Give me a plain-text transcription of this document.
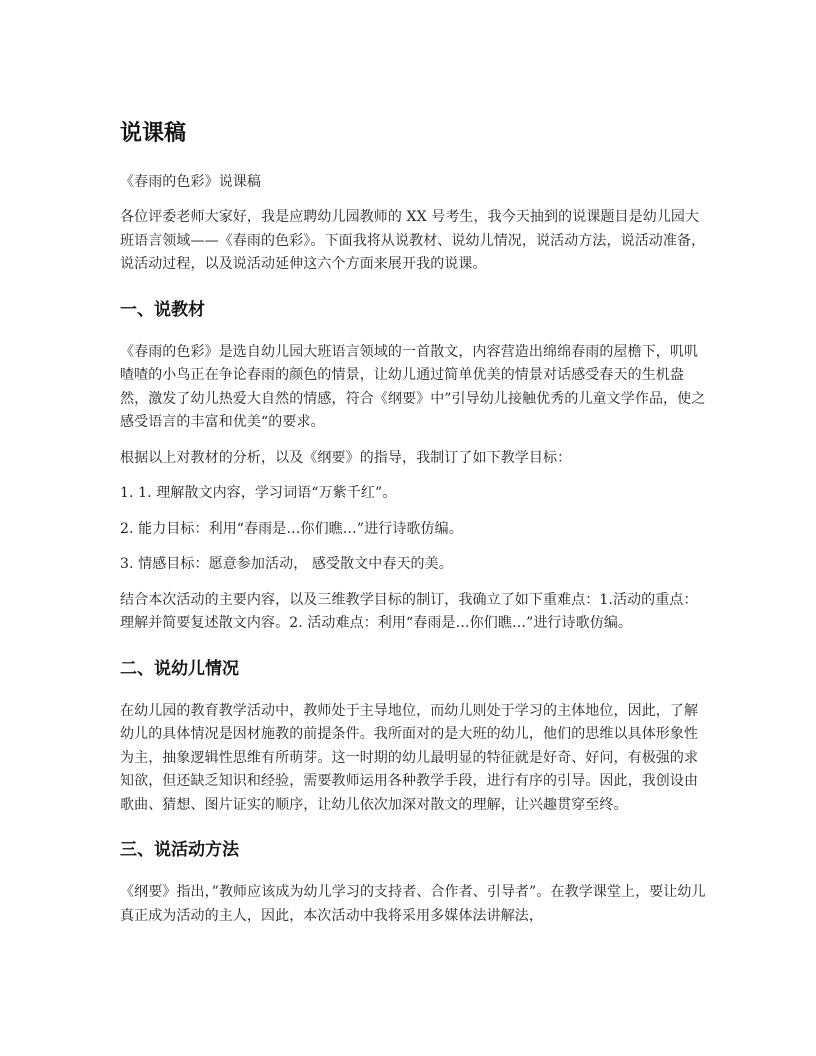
说课稿

《春雨的色彩》说课稿

各位评委老师大家好，我是应聘幼儿园教师的 XX 号考生，我今天抽到的说课题目是幼儿园大班语言领域——《春雨的色彩》。下面我将从说教材、说幼儿情况，说活动方法，说活动准备，说活动过程，以及说活动延伸这六个方面来展开我的说课。

一、说教材

《春雨的色彩》是选自幼儿园大班语言领域的一首散文，内容营造出绵绵春雨的屋檐下，叽叽喳喳的小鸟正在争论春雨的颜色的情景，让幼儿通过简单优美的情景对话感受春天的生机盎然，激发了幼儿热爱大自然的情感，符合《纲要》中”引导幼儿接触优秀的儿童文学作品，使之感受语言的丰富和优美“的要求。

根据以上对教材的分析，以及《纲要》的指导，我制订了如下教学目标：

1. 1. 理解散文内容，学习词语“万紫千红”。

2. 能力目标：利用“春雨是…你们瞧…”进行诗歌仿编。

3. 情感目标：愿意参加活动， 感受散文中春天的美。

结合本次活动的主要内容，以及三维教学目标的制订，我确立了如下重难点：1.活动的重点：理解并简要复述散文内容。2. 活动难点：利用“春雨是…你们瞧…”进行诗歌仿编。

二、说幼儿情况

在幼儿园的教育教学活动中，教师处于主导地位，而幼儿则处于学习的主体地位，因此，了解幼儿的具体情况是因材施教的前提条件。我所面对的是大班的幼儿，他们的思维以具体形象性为主，抽象逻辑性思维有所萌芽。这一时期的幼儿最明显的特征就是好奇、好问，有极强的求知欲，但还缺乏知识和经验，需要教师运用各种教学手段，进行有序的引导。因此，我创设由歌曲、猜想、图片证实的顺序，让幼儿依次加深对散文的理解，让兴趣贯穿至终。

三、说活动方法

《纲要》指出，”教师应该成为幼儿学习的支持者、合作者、引导者”。在教学课堂上，要让幼儿真正成为活动的主人，因此，本次活动中我将采用多媒体法讲解法，
